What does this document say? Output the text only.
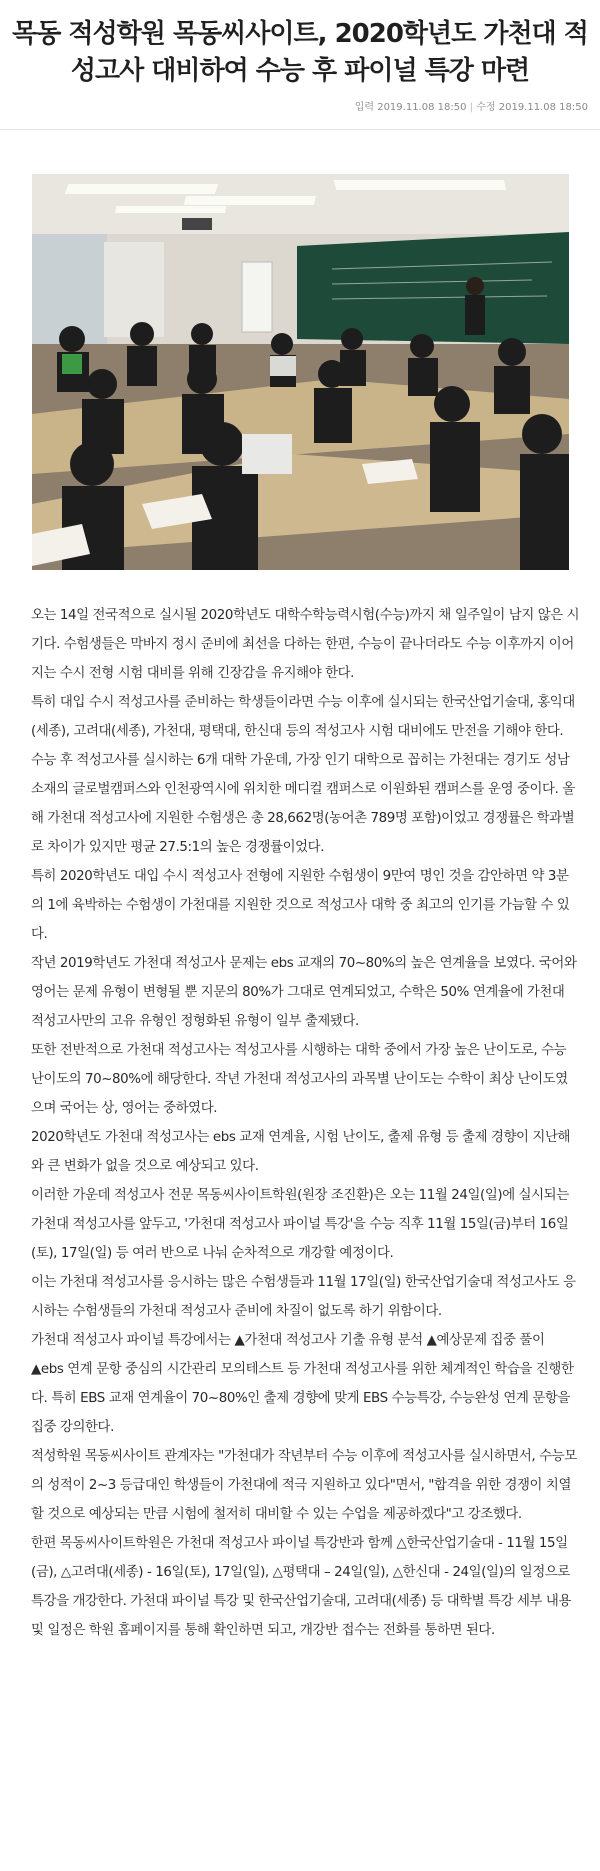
목동 적성학원 목동씨사이트, 2020학년도 가천대 적성고사 대비하여 수능 후 파이널 특강 마련

입력 2019.11.08 18:50 | 수정 2019.11.08 18:50

오는 14일 전국적으로 실시될 2020학년도 대학수학능력시험(수능)까지 채 일주일이 남지 않은 시기다. 수험생들은 막바지 정시 준비에 최선을 다하는 한편, 수능이 끝나더라도 수능 이후까지 이어지는 수시 전형 시험 대비를 위해 긴장감을 유지해야 한다.

특히 대입 수시 적성고사를 준비하는 학생들이라면 수능 이후에 실시되는 한국산업기술대, 홍익대(세종), 고려대(세종), 가천대, 평택대, 한신대 등의 적성고사 시험 대비에도 만전을 기해야 한다.

수능 후 적성고사를 실시하는 6개 대학 가운데, 가장 인기 대학으로 꼽히는 가천대는 경기도 성남 소재의 글로벌캠퍼스와 인천광역시에 위치한 메디컬 캠퍼스로 이원화된 캠퍼스를 운영 중이다. 올해 가천대 적성고사에 지원한 수험생은 총 28,662명(농어촌 789명 포함)이었고 경쟁률은 학과별로 차이가 있지만 평균 27.5:1의 높은 경쟁률이었다.

특히 2020학년도 대입 수시 적성고사 전형에 지원한 수험생이 9만여 명인 것을 감안하면 약 3분의 1에 육박하는 수험생이 가천대를 지원한 것으로 적성고사 대학 중 최고의 인기를 가늠할 수 있다.

작년 2019학년도 가천대 적성고사 문제는 ebs 교재의 70~80%의 높은 연계율을 보였다. 국어와 영어는 문제 유형이 변형될 뿐 지문의 80%가 그대로 연계되었고, 수학은 50% 연계율에 가천대 적성고사만의 고유 유형인 정형화된 유형이 일부 출제됐다.

또한 전반적으로 가천대 적성고사는 적성고사를 시행하는 대학 중에서 가장 높은 난이도로, 수능 난이도의 70~80%에 해당한다. 작년 가천대 적성고사의 과목별 난이도는 수학이 최상 난이도였으며 국어는 상, 영어는 중하였다.

2020학년도 가천대 적성고사는 ebs 교재 연계율, 시험 난이도, 출제 유형 등 출제 경향이 지난해와 큰 변화가 없을 것으로 예상되고 있다.

이러한 가운데 적성고사 전문 목동씨사이트학원(원장 조진환)은 오는 11월 24일(일)에 실시되는 가천대 적성고사를 앞두고, '가천대 적성고사 파이널 특강'을 수능 직후 11월 15일(금)부터 16일(토), 17일(일) 등 여러 반으로 나눠 순차적으로 개강할 예정이다.

이는 가천대 적성고사를 응시하는 많은 수험생들과 11월 17일(일) 한국산업기술대 적성고사도 응시하는 수험생들의 가천대 적성고사 준비에 차질이 없도록 하기 위함이다.

가천대 적성고사 파이널 특강에서는 ▲가천대 적성고사 기출 유형 분석 ▲예상문제 집중 풀이 ▲ebs 연계 문항 중심의 시간관리 모의테스트 등 가천대 적성고사를 위한 체계적인 학습을 진행한다. 특히 EBS 교재 연계율이 70~80%인 출제 경향에 맞게 EBS 수능특강, 수능완성 연계 문항을 집중 강의한다.

적성학원 목동씨사이트 관계자는 "가천대가 작년부터 수능 이후에 적성고사를 실시하면서, 수능모의 성적이 2~3 등급대인 학생들이 가천대에 적극 지원하고 있다"면서, "합격을 위한 경쟁이 치열할 것으로 예상되는 만큼 시험에 철저히 대비할 수 있는 수업을 제공하겠다"고 강조했다.

한편 목동씨사이트학원은 가천대 적성고사 파이널 특강반과 함께 △한국산업기술대 - 11월 15일(금), △고려대(세종) - 16일(토), 17일(일), △평택대 – 24일(일), △한신대 - 24일(일)의 일정으로 특강을 개강한다. 가천대 파이널 특강 및 한국산업기술대, 고려대(세종) 등 대학별 특강 세부 내용 및 일정은 학원 홈페이지를 통해 확인하면 되고, 개강반 접수는 전화를 통하면 된다.
